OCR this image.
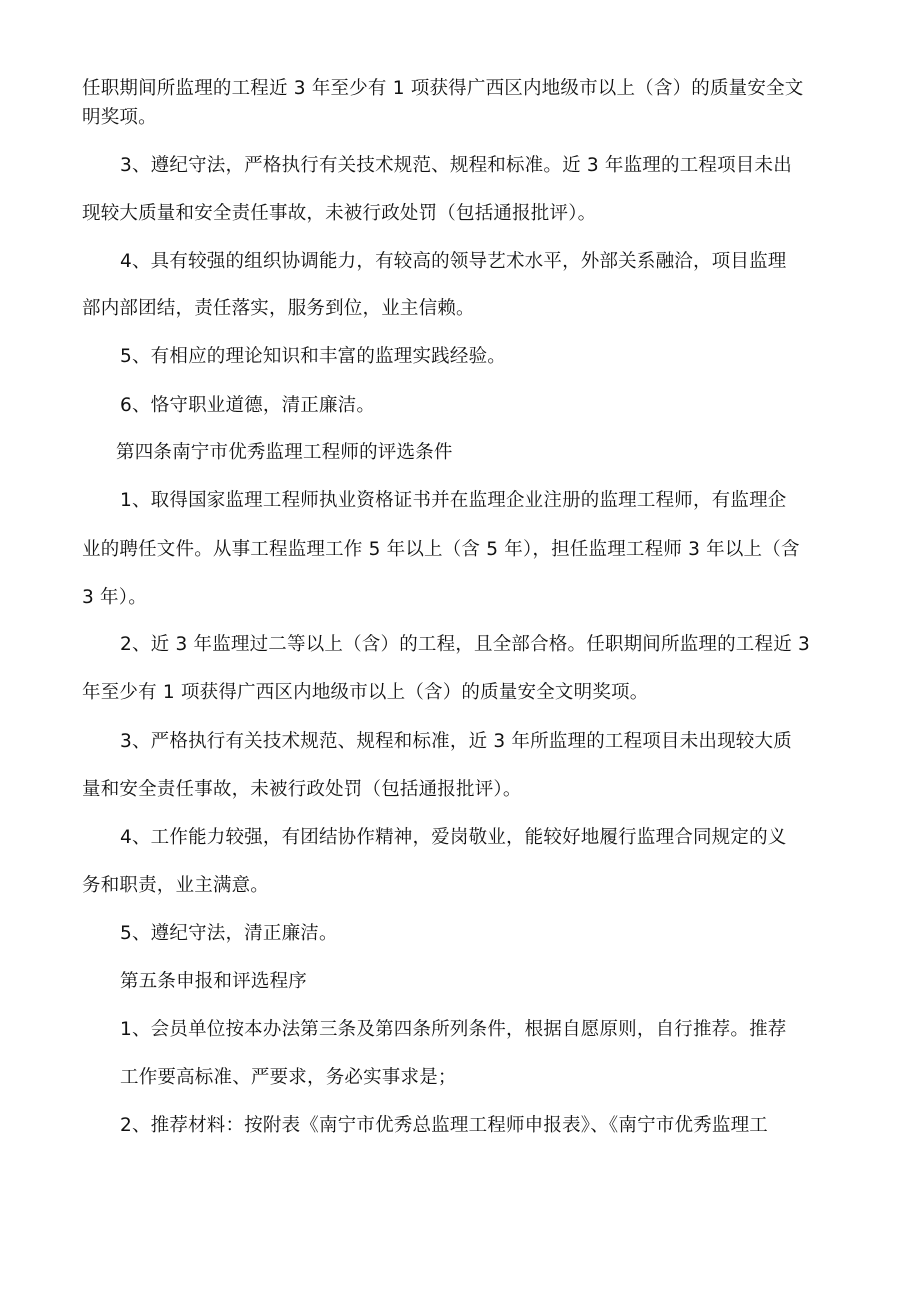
任职期间所监理的工程近 3 年至少有 1 项获得广西区内地级市以上（含）的质量安全文
明奖项。
3、遵纪守法，严格执行有关技术规范、规程和标准。近 3 年监理的工程项目未出
现较大质量和安全责任事故，未被行政处罚（包括通报批评）。
4、具有较强的组织协调能力，有较高的领导艺术水平，外部关系融洽，项目监理
部内部团结，责任落实，服务到位，业主信赖。
5、有相应的理论知识和丰富的监理实践经验。
6、恪守职业道德，清正廉洁。
第四条南宁市优秀监理工程师的评选条件
1、取得国家监理工程师执业资格证书并在监理企业注册的监理工程师，有监理企
业的聘任文件。从事工程监理工作 5 年以上（含 5 年），担任监理工程师 3 年以上（含
3 年）。
2、近 3 年监理过二等以上（含）的工程，且全部合格。任职期间所监理的工程近 3
年至少有 1 项获得广西区内地级市以上（含）的质量安全文明奖项。
3、严格执行有关技术规范、规程和标准，近 3 年所监理的工程项目未出现较大质
量和安全责任事故，未被行政处罚（包括通报批评）。
4、工作能力较强，有团结协作精神，爱岗敬业，能较好地履行监理合同规定的义
务和职责，业主满意。
5、遵纪守法，清正廉洁。
第五条申报和评选程序
1、会员单位按本办法第三条及第四条所列条件，根据自愿原则，自行推荐。推荐
工作要高标准、严要求，务必实事求是；
2、推荐材料：按附表《南宁市优秀总监理工程师申报表》、《南宁市优秀监理工
